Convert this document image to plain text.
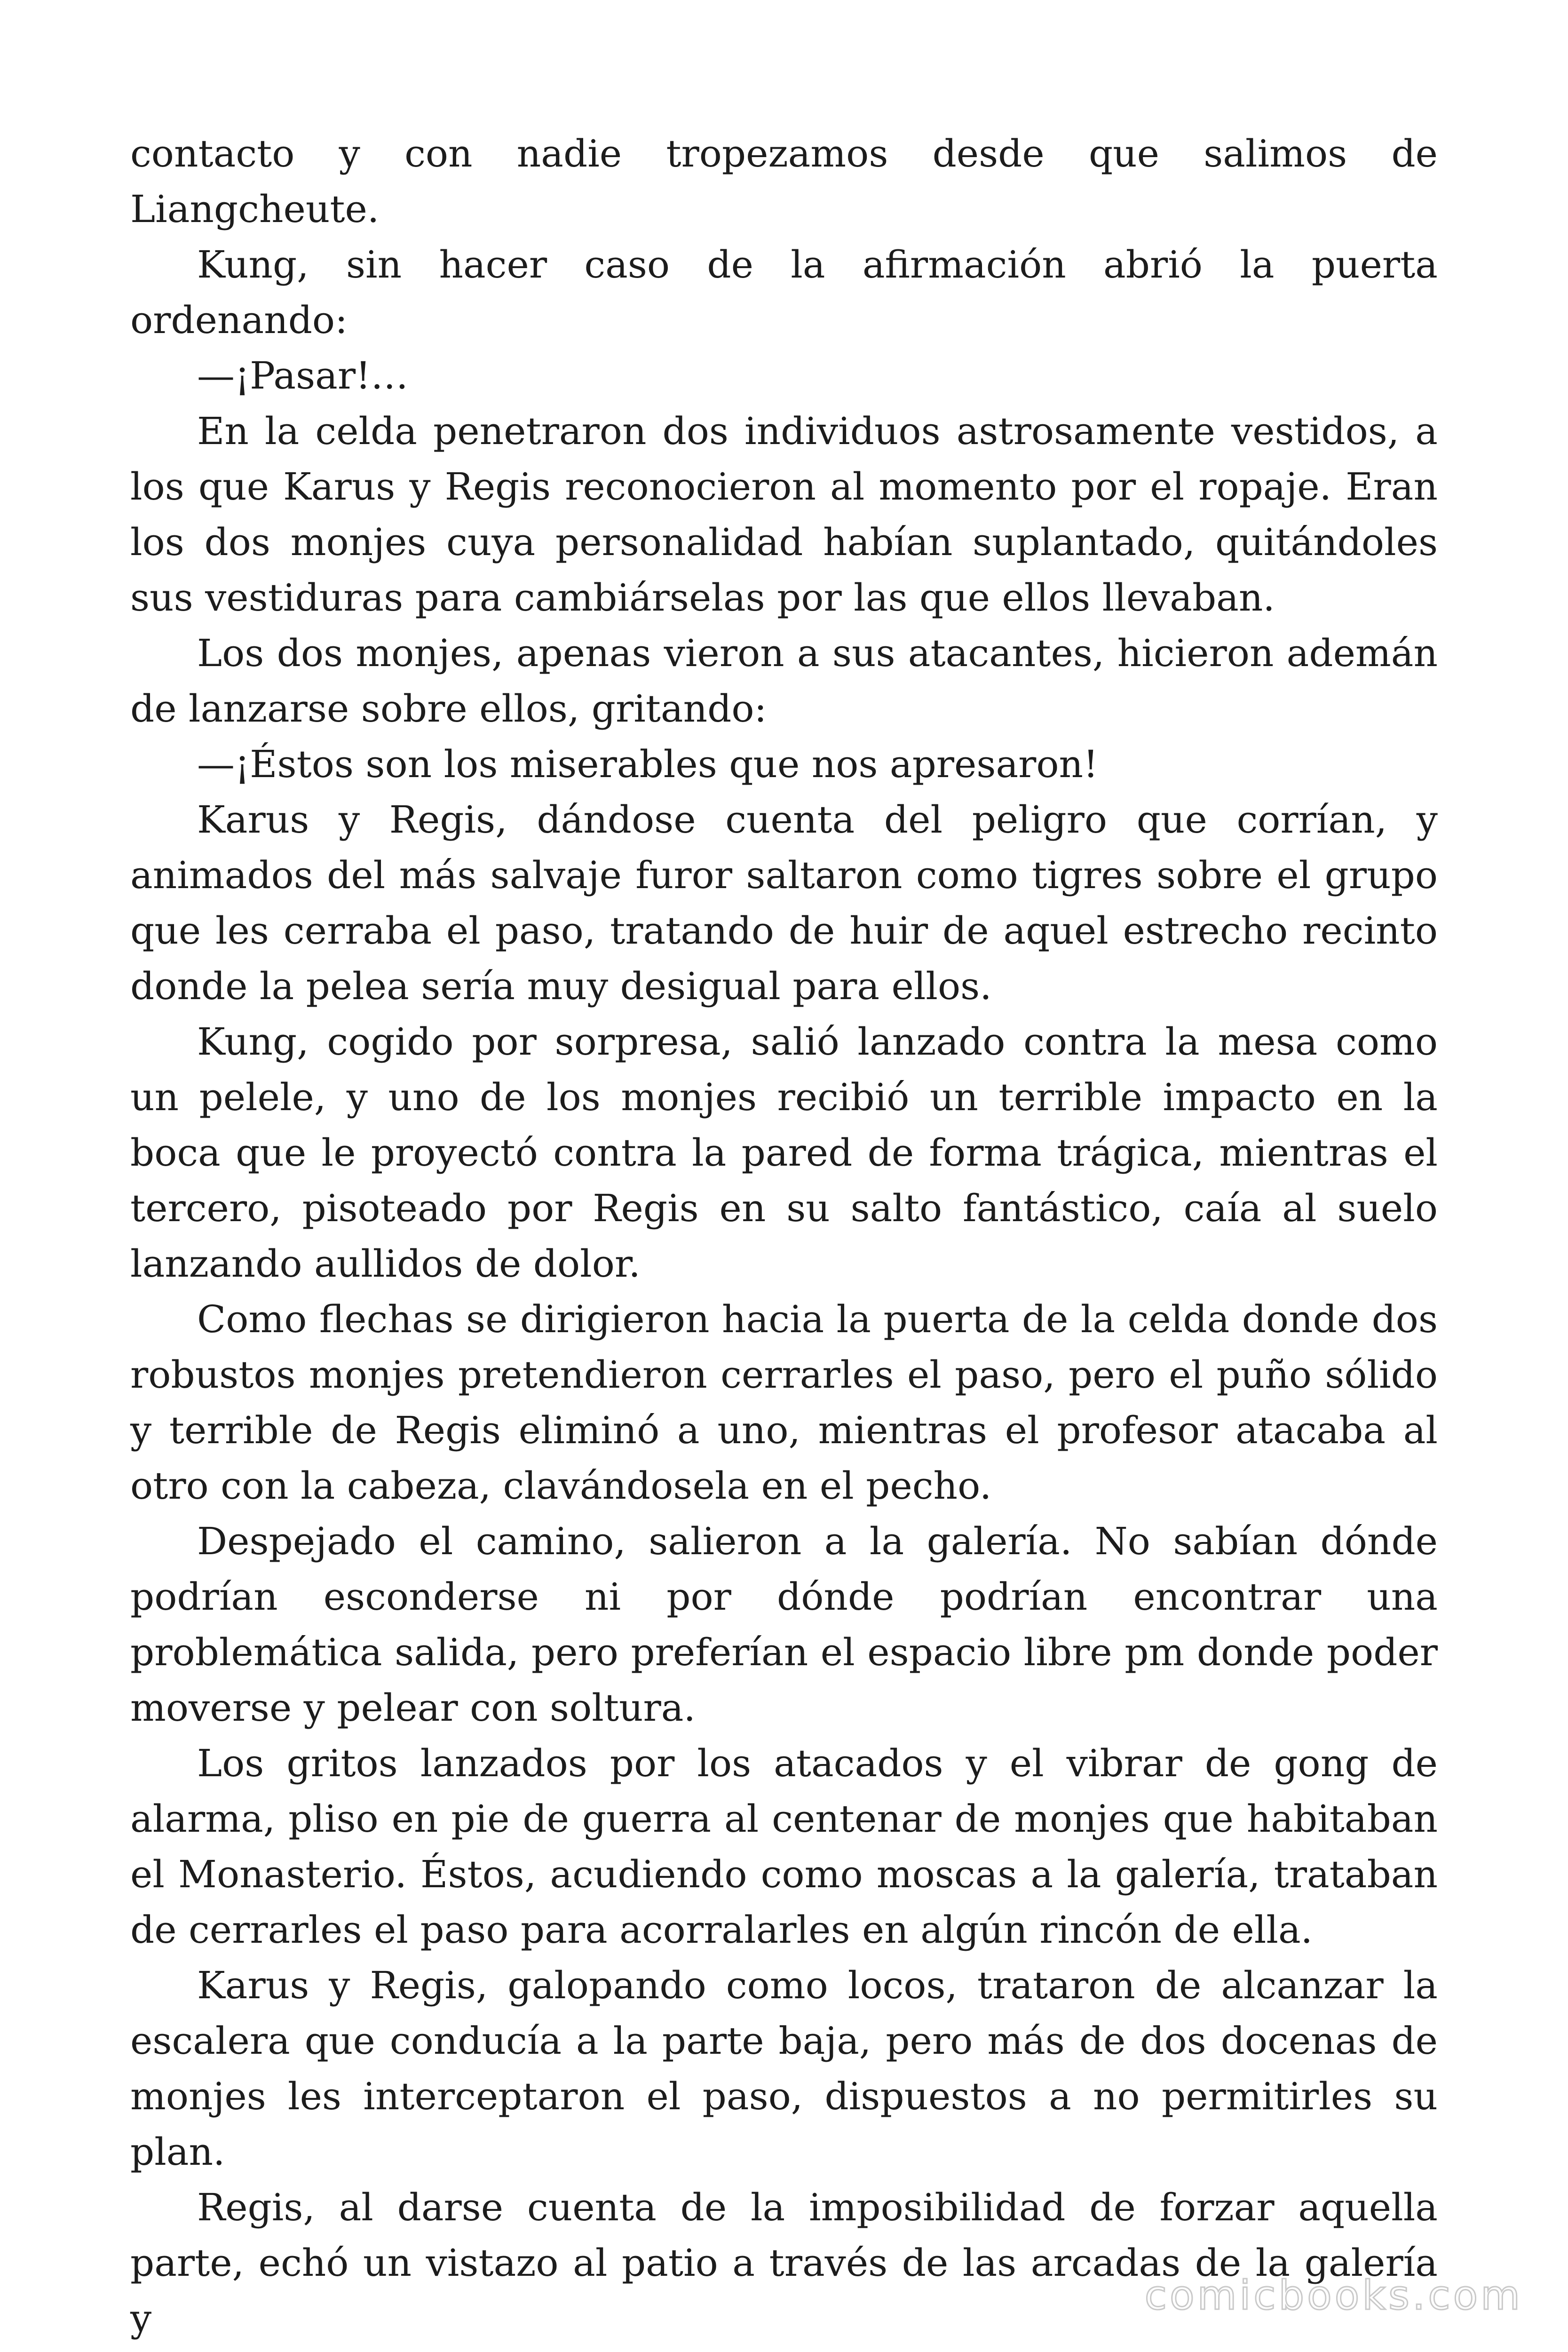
contacto y con nadie tropezamos desde que salimos de Liangcheute.

Kung, sin hacer caso de la afirmación abrió la puerta ordenando:

—¡Pasar!…

En la celda penetraron dos individuos astrosamente vestidos, a los que Karus y Regis reconocieron al momento por el ropaje. Eran los dos monjes cuya personalidad habían suplantado, quitándoles sus vestiduras para cambiárselas por las que ellos llevaban.

Los dos monjes, apenas vieron a sus atacantes, hicieron ademán de lanzarse sobre ellos, gritando:

—¡Éstos son los miserables que nos apresaron!

Karus y Regis, dándose cuenta del peligro que corrían, y animados del más salvaje furor saltaron como tigres sobre el grupo que les cerraba el paso, tratando de huir de aquel estrecho recinto donde la pelea sería muy desigual para ellos.

Kung, cogido por sorpresa, salió lanzado contra la mesa como un pelele, y uno de los monjes recibió un terrible impacto en la boca que le proyectó contra la pared de forma trágica, mientras el tercero, pisoteado por Regis en su salto fantástico, caía al suelo lanzando aullidos de dolor.

Como flechas se dirigieron hacia la puerta de la celda donde dos robustos monjes pretendieron cerrarles el paso, pero el puño sólido y terrible de Regis eliminó a uno, mientras el profesor atacaba al otro con la cabeza, clavándosela en el pecho.

Despejado el camino, salieron a la galería. No sabían dónde podrían esconderse ni por dónde podrían encontrar una problemática salida, pero preferían el espacio libre pm donde poder moverse y pelear con soltura.

Los gritos lanzados por los atacados y el vibrar de gong de alarma, pliso en pie de guerra al centenar de monjes que habitaban el Monasterio. Éstos, acudiendo como moscas a la galería, trataban de cerrarles el paso para acorralarles en algún rincón de ella.

Karus y Regis, galopando como locos, trataron de alcanzar la escalera que conducía a la parte baja, pero más de dos docenas de monjes les interceptaron el paso, dispuestos a no permitirles su plan.

Regis, al darse cuenta de la imposibilidad de forzar aquella parte, echó un vistazo al patio a través de las arcadas de la galería y	comicbooks.com
